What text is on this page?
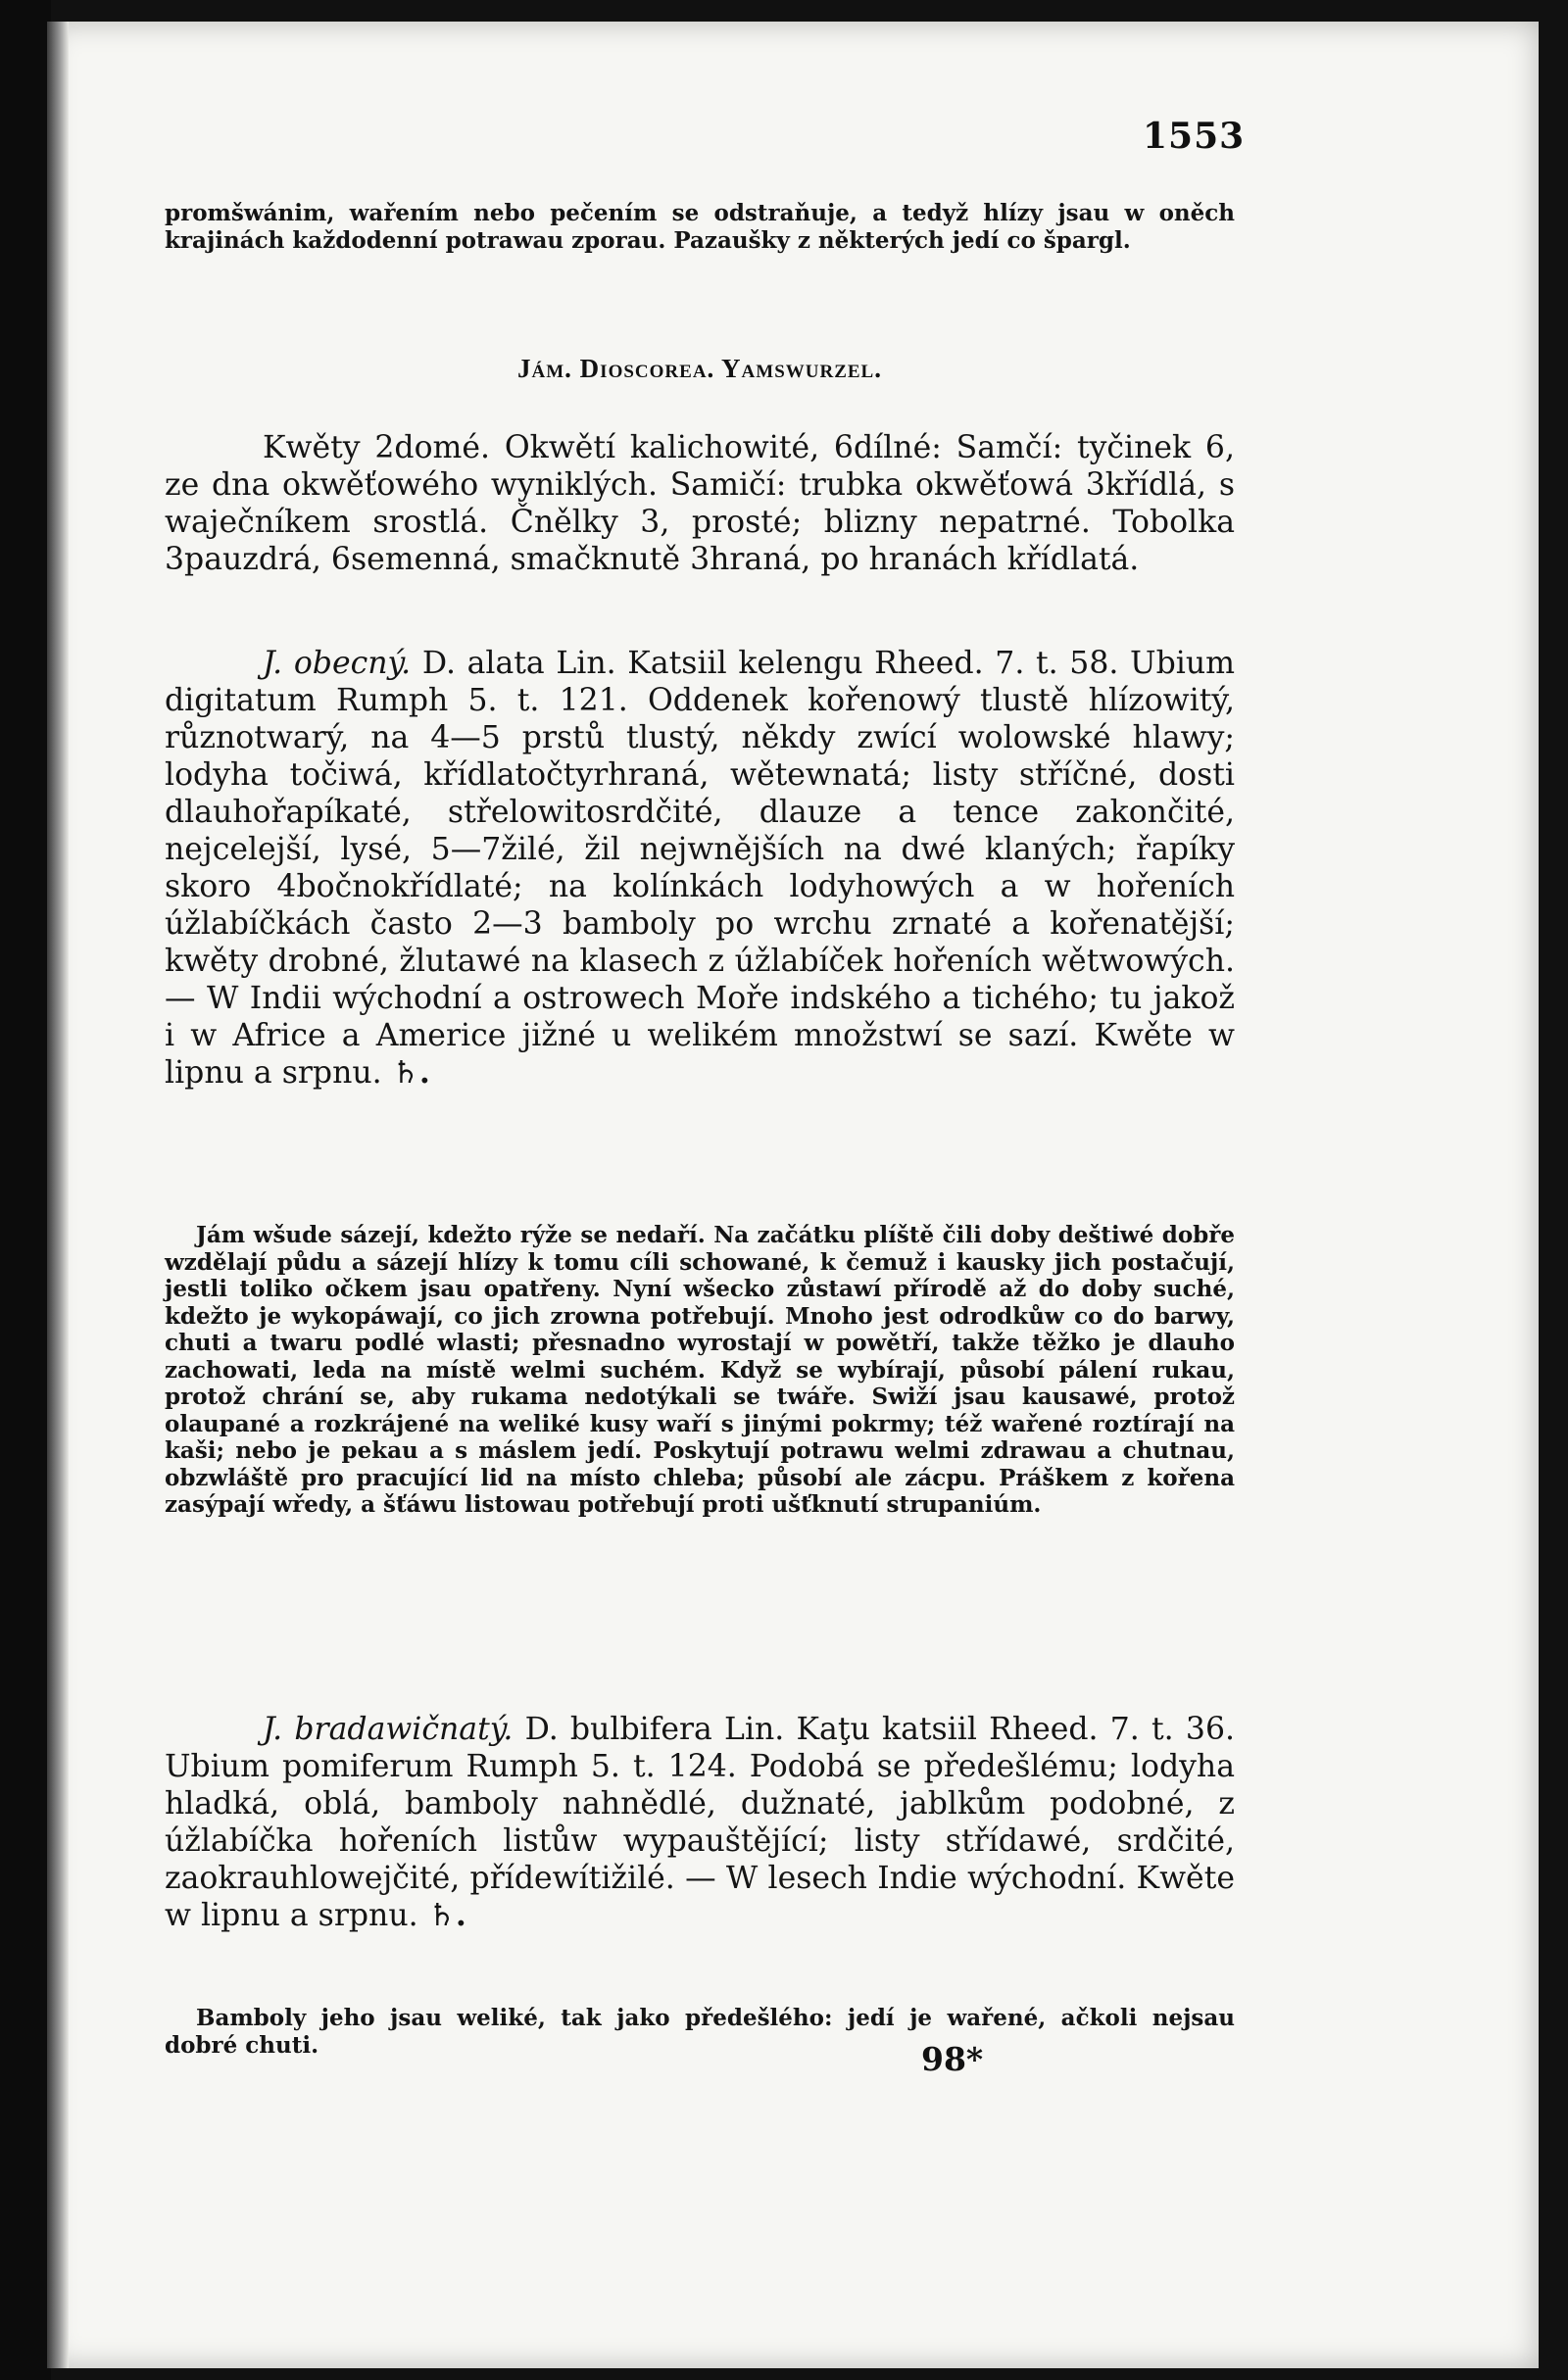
1553

promšwánim, wařením nebo pečením se odstraňuje, a tedyž hlízy jsau w oněch krajinách každodenní potrawau zporau. Pazaušky z některých jedí co špargl.

Jám. Dioscorea. Yamswurzel.

Kwěty 2domé. Okwětí kalichowité, 6dílné: Samčí: tyčinek 6, ze dna okwěťowého wyniklých. Samičí: trubka okwěťowá 3křídlá, s waječníkem srostlá. Čnělky 3, prosté; blizny nepatrné. Tobolka 3pauzdrá, 6semenná, smačknutě 3hraná, po hranách křídlatá.

J. obecný. D. alata Lin. Katsiil kelengu Rheed. 7. t. 58. Ubium digitatum Rumph 5. t. 121. Oddenek kořenowý tlustě hlízowitý, různotwarý, na 4—5 prstů tlustý, někdy zwící wolowské hlawy; lodyha točiwá, křídlatočtyrhraná, wětewnatá; listy stříčné, dosti dlauhořapíkaté, střelowitosrdčité, dlauze a tence zakončité, nejcelejší, lysé, 5—7žilé, žil nejwnějších na dwé klaných; řapíky skoro 4bočnokřídlaté; na kolínkách lodyhowých a w hořeních úžlabíčkách často 2—3 bamboly po wrchu zrnaté a kořenatější; kwěty drobné, žlutawé na klasech z úžlabíček hořeních wětwowých. — W Indii wýchodní a ostrowech Moře indského a tichého; tu jakož i w Africe a Americe jižné u welikém množstwí se sazí. Kwěte w lipnu a srpnu. ♄.

Jám wšude sázejí, kdežto rýže se nedaří. Na začátku plíště čili doby deštiwé dobře wzdělají půdu a sázejí hlízy k tomu cíli schowané, k čemuž i kausky jich postačují, jestli toliko očkem jsau opatřeny. Nyní wšecko zůstawí přírodě až do doby suché, kdežto je wykopáwají, co jich zrowna potřebují. Mnoho jest odrodkůw co do barwy, chuti a twaru podlé wlasti; přesnadno wyrostají w powětří, takže těžko je dlauho zachowati, leda na místě welmi suchém. Když se wybírají, působí pálení rukau, protož chrání se, aby rukama nedotýkali se twáře. Swiží jsau kausawé, protož olaupané a rozkrájené na weliké kusy waří s jinými pokrmy; též wařené roztírají na kaši; nebo je pekau a s máslem jedí. Poskytují potrawu welmi zdrawau a chutnau, obzwláště pro pracující lid na místo chleba; působí ale zácpu. Práškem z kořena zasýpají wředy, a šťáwu listowau potřebují proti ušťknutí strupaniúm.

J. bradawičnatý. D. bulbifera Lin. Kaţu katsiil Rheed. 7. t. 36. Ubium pomiferum Rumph 5. t. 124. Podobá se předešlému; lodyha hladká, oblá, bamboly nahnědlé, dužnaté, jablkům podobné, z úžlabíčka hořeních listůw wypauštějící; listy střídawé, srdčité, zaokrauhlowejčité, přídewítižilé. — W lesech Indie wýchodní. Kwěte w lipnu a srpnu. ♄.

Bamboly jeho jsau weliké, tak jako předešlého: jedí je wařené, ačkoli nejsau dobré chuti.	98*
